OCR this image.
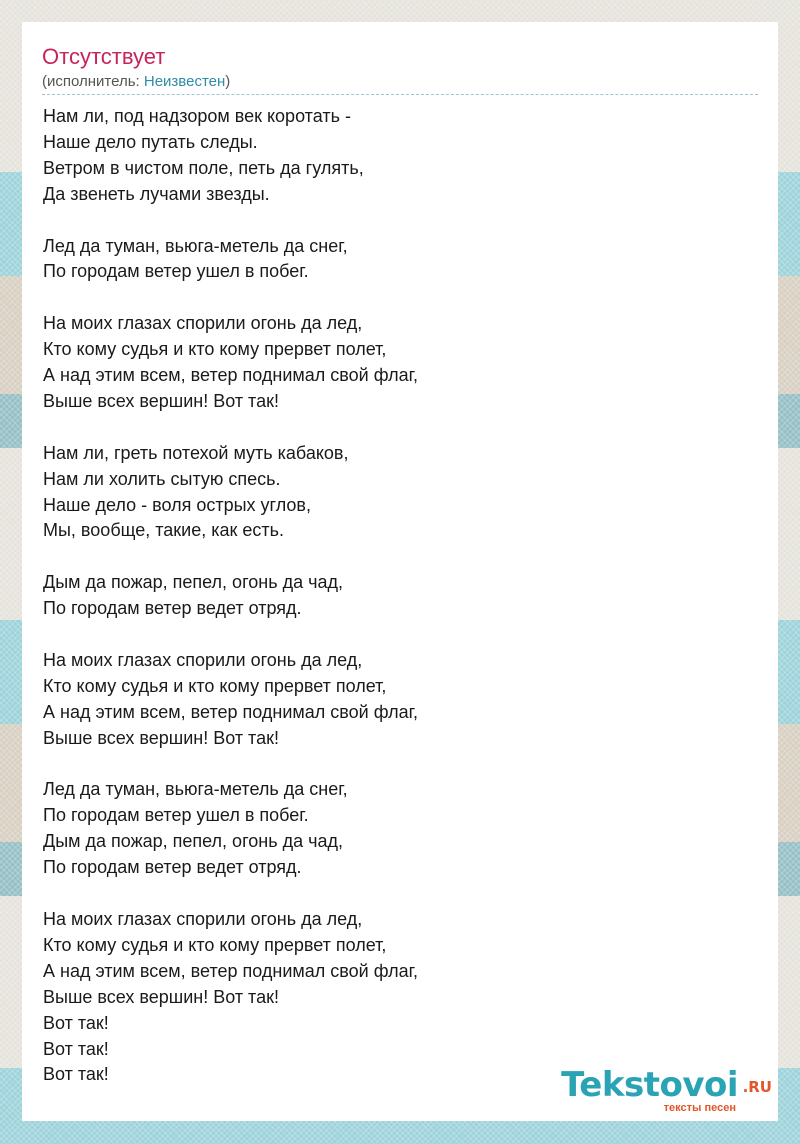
Отсутствует
(исполнитель: Неизвестен)
Нам ли, под надзором век коротать -
Наше дело путать следы.
Ветром в чистом поле, петь да гулять,
Да звенеть лучами звезды.
Лед да туман, вьюга-метель да снег,
По городам ветер ушел в побег.
На моих глазах спорили огонь да лед,
Кто кому судья и кто кому прервет полет,
А над этим всем, ветер поднимал свой флаг,
Выше всех вершин! Вот так!
Нам ли, греть потехой муть кабаков,
Нам ли холить сытую спесь.
Наше дело - воля острых углов,
Мы, вообще, такие, как есть.
Дым да пожар, пепел, огонь да чад,
По городам ветер ведет отряд.
На моих глазах спорили огонь да лед,
Кто кому судья и кто кому прервет полет,
А над этим всем, ветер поднимал свой флаг,
Выше всех вершин! Вот так!
Лед да туман, вьюга-метель да снег,
По городам ветер ушел в побег.
Дым да пожар, пепел, огонь да чад,
По городам ветер ведет отряд.
На моих глазах спорили огонь да лед,
Кто кому судья и кто кому прервет полет,
А над этим всем, ветер поднимал свой флаг,
Выше всех вершин! Вот так!
Вот так!
Вот так!
Вот так!	Tekstovoi .RU
тексты песен
